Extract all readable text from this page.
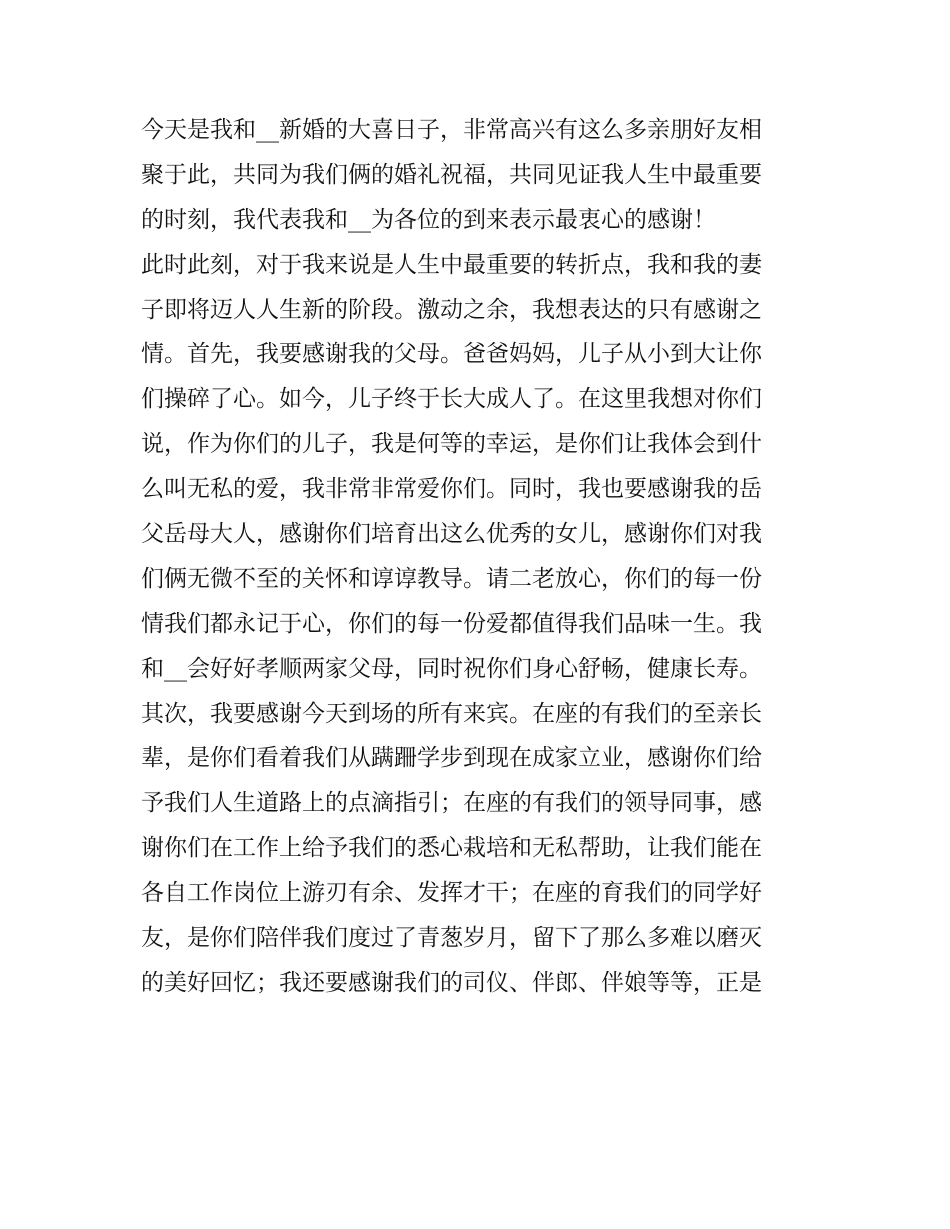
今天是我和__新婚的大喜日子，非常高兴有这么多亲朋好友相
聚于此，共同为我们俩的婚礼祝福，共同见证我人生中最重要
的时刻，我代表我和__为各位的到来表示最衷心的感谢！
此时此刻，对于我来说是人生中最重要的转折点，我和我的妻
子即将迈人人生新的阶段。激动之余，我想表达的只有感谢之
情。首先，我要感谢我的父母。爸爸妈妈，儿子从小到大让你
们操碎了心。如今，儿子终于长大成人了。在这里我想对你们
说，作为你们的儿子，我是何等的幸运，是你们让我体会到什
么叫无私的爱，我非常非常爱你们。同时，我也要感谢我的岳
父岳母大人，感谢你们培育出这么优秀的女儿，感谢你们对我
们俩无微不至的关怀和谆谆教导。请二老放心，你们的每一份
情我们都永记于心，你们的每一份爱都值得我们品味一生。我
和__会好好孝顺两家父母，同时祝你们身心舒畅，健康长寿。
其次，我要感谢今天到场的所有来宾。在座的有我们的至亲长
辈，是你们看着我们从蹒跚学步到现在成家立业，感谢你们给
予我们人生道路上的点滴指引；在座的有我们的领导同事，感
谢你们在工作上给予我们的悉心栽培和无私帮助，让我们能在
各自工作岗位上游刃有余、发挥才干；在座的育我们的同学好
友，是你们陪伴我们度过了青葱岁月，留下了那么多难以磨灭
的美好回忆；我还要感谢我们的司仪、伴郎、伴娘等等，正是
